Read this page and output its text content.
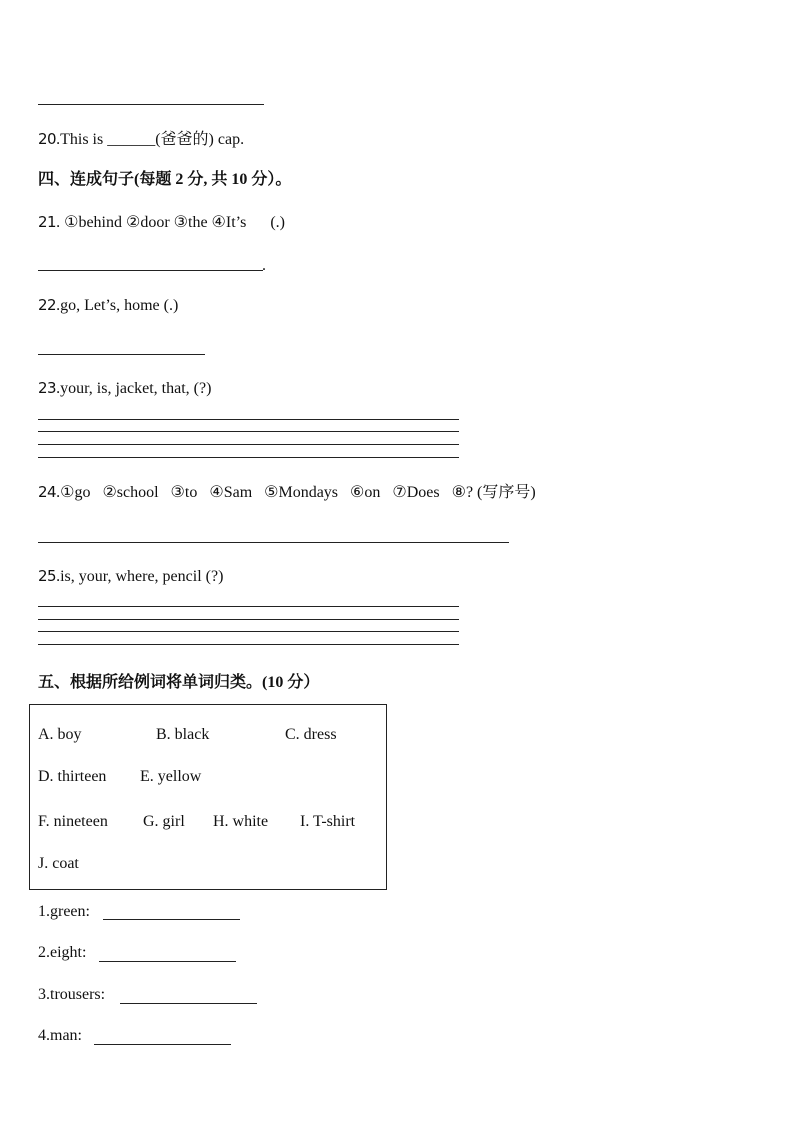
20.This is ______(爸爸的) cap.
四、连成句子(每题 2 分, 共 10 分）。
21. ①behind ②door ③the ④It’s      (.)
.
22.go, Let’s, home (.)
23.your, is, jacket, that, (?)
24.①go   ②school   ③to   ④Sam   ⑤Mondays   ⑥on   ⑦Does   ⑧? (写序号)
25.is, your, where, pencil (?)
五、根据所给例词将单词归类。(10 分）
A. boy	B. black	C. dress
D. thirteen E. yellow
F. nineteen G. girl H. white I. T-shirt
J. coat
1.green:
2.eight:
3.trousers:
4.man:
